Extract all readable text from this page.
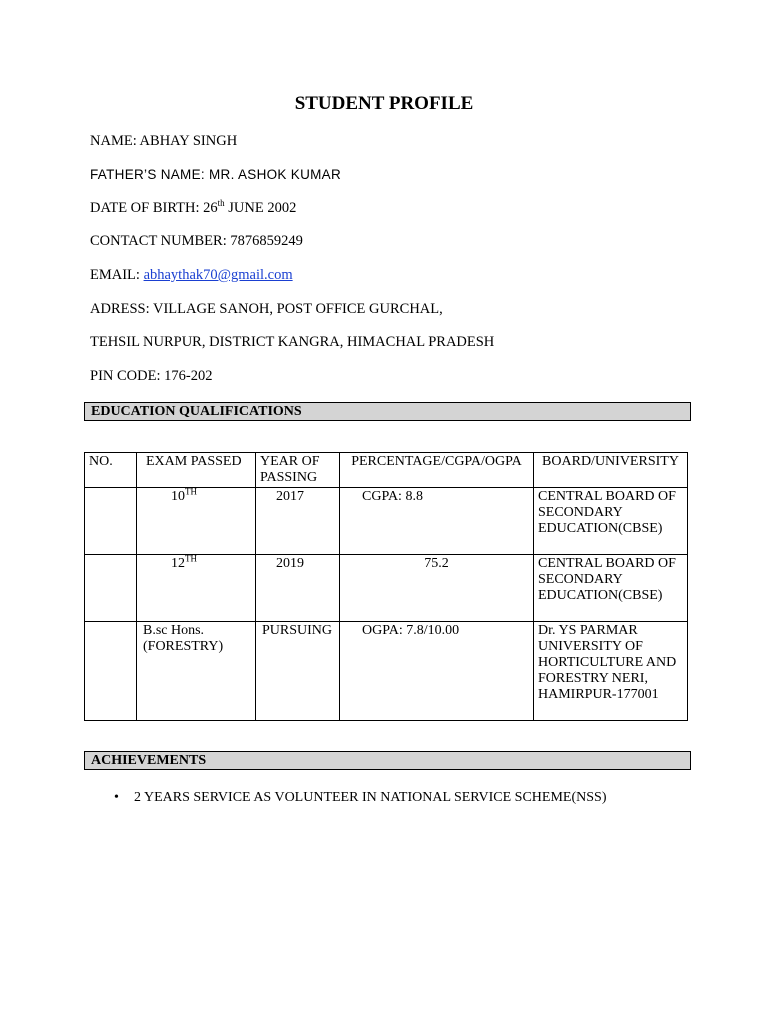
STUDENT PROFILE
NAME: ABHAY SINGH
FATHER’S NAME: MR. ASHOK KUMAR
DATE OF BIRTH: 26th JUNE 2002
CONTACT NUMBER: 7876859249
EMAIL: abhaythak70@gmail.com
ADRESS: VILLAGE SANOH, POST OFFICE GURCHAL,
TEHSIL NURPUR, DISTRICT KANGRA, HIMACHAL PRADESH
PIN CODE: 176-202
EDUCATION QUALIFICATIONS
NO.	EXAM PASSED	YEAR OF PASSING	PERCENTAGE/CGPA/OGPA	BOARD/UNIVERSITY
	10TH	2017	CGPA: 8.8	CENTRAL BOARD OF SECONDARY EDUCATION(CBSE)
	12TH	2019	75.2	CENTRAL BOARD OF SECONDARY EDUCATION(CBSE)
	B.sc Hons. (FORESTRY)	PURSUING	OGPA: 7.8/10.00	Dr. YS PARMAR UNIVERSITY OF HORTICULTURE AND FORESTRY NERI, HAMIRPUR-177001
ACHIEVEMENTS
• 2 YEARS SERVICE AS VOLUNTEER IN NATIONAL SERVICE SCHEME(NSS)
